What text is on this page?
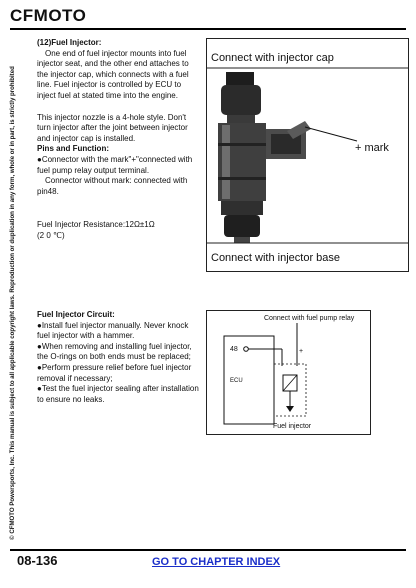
CFMOTO
© CFMOTO Powersports, Inc. This manual is subject to all applicable copyright laws. Reproduction or duplication in any form, whole or in part, is strictly prohibited

(12)Fuel Injector:

One end of fuel injector mounts into fuel injector seat, and the other end attaches to the injector cap, which connects with a fuel line. Fuel injector is controlled by ECU to inject fuel at stated time into the engine.

This injector nozzle is a 4-hole style. Don't turn injector after the joint between injector and injector cap is installed.

Pins and Function:

●Connector with the mark"+"connected with fuel pump relay output terminal.

Connector without mark: connected with pin48.

Fuel Injector Resistance:12Ω±1Ω

(2 0 ℃)

Fuel Injector Circuit:

●Install fuel injector manually. Never knock fuel injector with a hammer.

●When removing and installing fuel injector, the O-rings on both ends must be replaced;

●Perform pressure relief before fuel injector removal if necessary;

●Test the fuel injector sealing after installation to ensure no leaks.

Connect with injector cap
+ mark
Connect with injector base
Connect with fuel pump relay
ECU
48	+
Fuel injector
08-136	GO TO CHAPTER INDEX
